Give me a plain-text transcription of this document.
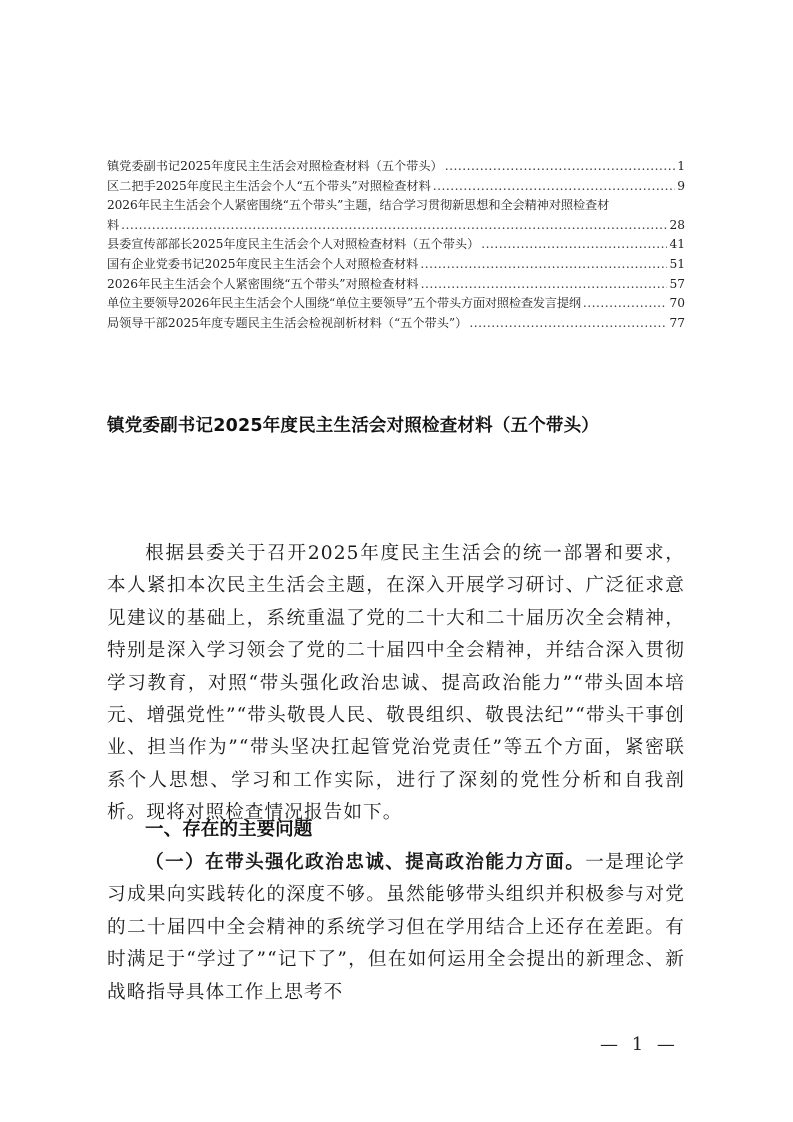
镇党委副书记2025年度民主生活会对照检查材料（五个带头） .....	1
区二把手2025年度民主生活会个人“五个带头”对照检查材料 .....	9
2026年民主生活会个人紧密围绕“五个带头”主题，结合学习贯彻新思想和全会精神对照检查材
料 .....	28
县委宣传部部长2025年度民主生活会个人对照检查材料（五个带头） .....	41
国有企业党委书记2025年度民主生活会个人对照检查材料 .....	51
2026年民主生活会个人紧密围绕“五个带头”对照检查材料 .....	57
单位主要领导2026年民主生活会个人围绕“单位主要领导”五个带头方面对照检查发言提纲 .....	70
局领导干部2025年度专题民主生活会检视剖析材料（“五个带头”） .....	77
镇党委副书记2025年度民主生活会对照检查材料（五个带头）

根据县委关于召开2025年度民主生活会的统一部署和要求，本人紧扣本次民主生活会主题，在深入开展学习研讨、广泛征求意见建议的基础上，系统重温了党的二十大和二十届历次全会精神，特别是深入学习领会了党的二十届四中全会精神，并结合深入贯彻学习教育，对照“带头强化政治忠诚、提高政治能力”“带头固本培元、增强党性”“带头敬畏人民、敬畏组织、敬畏法纪”“带头干事创业、担当作为”“带头坚决扛起管党治党责任”等五个方面，紧密联系个人思想、学习和工作实际，进行了深刻的党性分析和自我剖析。现将对照检查情况报告如下。

一、存在的主要问题

（一）在带头强化政治忠诚、提高政治能力方面。一是理论学习成果向实践转化的深度不够。虽然能够带头组织并积极参与对党的二十届四中全会精神的系统学习但在学用结合上还存在差距。有时满足于“学过了”“记下了”，但在如何运用全会提出的新理念、新战略指导具体工作上思考不

— 1 —
